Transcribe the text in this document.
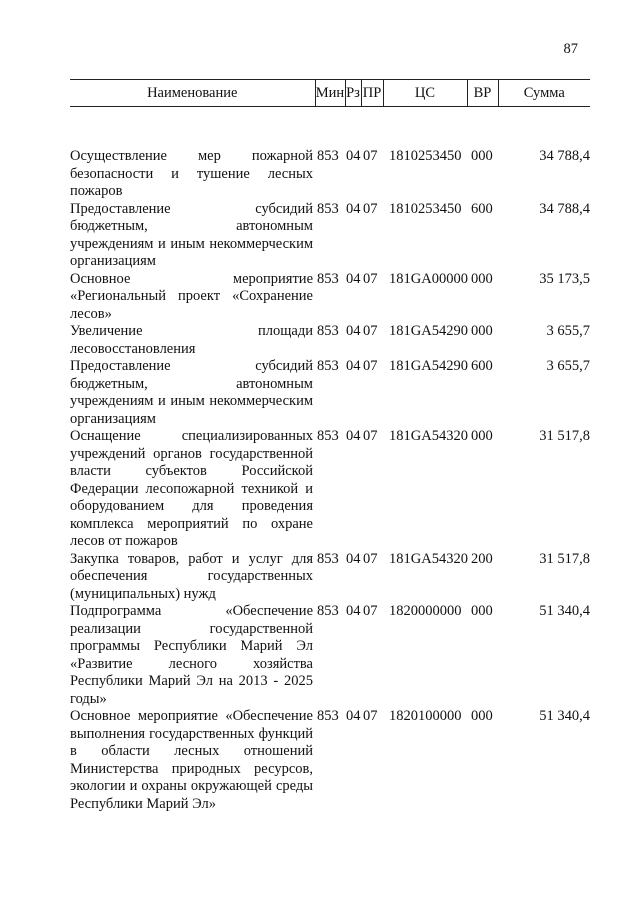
87
Наименование	Мин	Рз	ПР	ЦС	ВР	Сумма
Осуществление мер пожарной безопасности и тушение лесных пожаров	853	04	07	1810253450	000	34 788,4
Предоставление субсидий бюджетным, автономным учреждениям и иным некоммерческим организациям	853	04	07	1810253450	600	34 788,4
Основное мероприятие «Региональный проект «Сохранение лесов»	853	04	07	181GA00000	000	35 173,5
Увеличение площади лесовосстановления	853	04	07	181GA54290	000	3 655,7
Предоставление субсидий бюджетным, автономным учреждениям и иным некоммерческим организациям	853	04	07	181GA54290	600	3 655,7
Оснащение специализированных учреждений органов государственной власти субъектов Российской Федерации лесопожарной техникой и оборудованием для проведения комплекса мероприятий по охране лесов от пожаров	853	04	07	181GA54320	000	31 517,8
Закупка товаров, работ и услуг для обеспечения государственных (муниципальных) нужд	853	04	07	181GA54320	200	31 517,8
Подпрограмма «Обеспечение реализации государственной программы Республики Марий Эл «Развитие лесного хозяйства Республики Марий Эл на 2013 - 2025 годы»	853	04	07	1820000000	000	51 340,4
Основное мероприятие «Обеспечение выполнения государственных функций в области лесных отношений Министерства природных ресурсов, экологии и охраны окружающей среды Республики Марий Эл»	853	04	07	1820100000	000	51 340,4
